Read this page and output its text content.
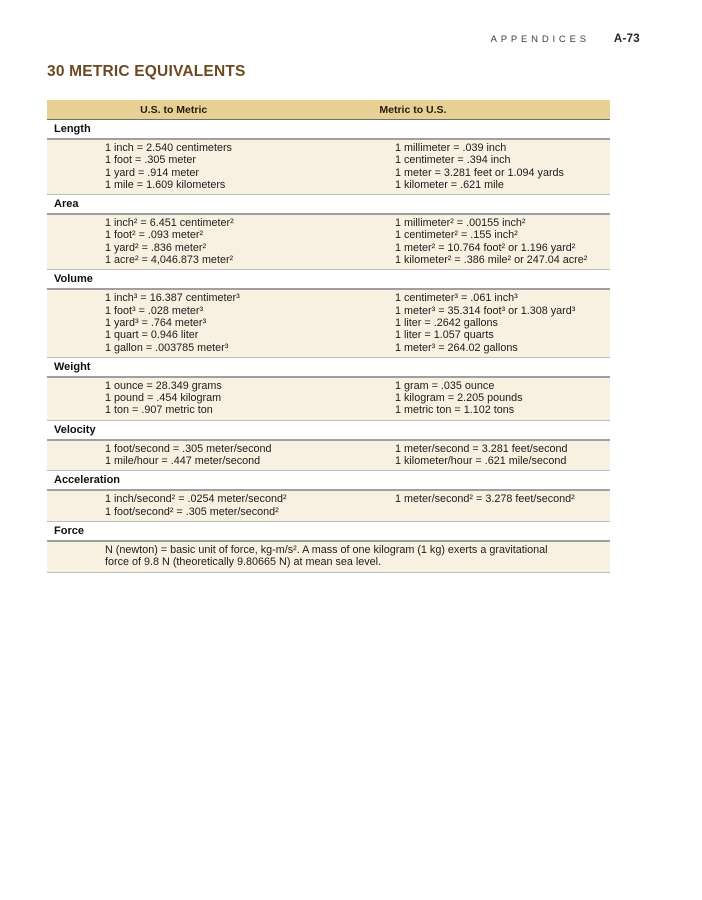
APPENDICES A-73
30 METRIC EQUIVALENTS
U.S. to Metric	Metric to U.S.
Length
1 inch = 2.540 centimeters
1 foot = .305 meter
1 yard = .914 meter
1 mile = 1.609 kilometers
1 millimeter = .039 inch
1 centimeter = .394 inch
1 meter = 3.281 feet or 1.094 yards
1 kilometer = .621 mile
Area
1 inch² = 6.451 centimeter²
1 foot² = .093 meter²
1 yard² = .836 meter²
1 acre² = 4,046.873 meter²
1 millimeter² = .00155 inch²
1 centimeter² = .155 inch²
1 meter² = 10.764 foot² or 1.196 yard²
1 kilometer² = .386 mile² or 247.04 acre²
Volume
1 inch³ = 16.387 centimeter³
1 foot³ = .028 meter³
1 yard³ = .764 meter³
1 quart = 0.946 liter
1 gallon = .003785 meter³
1 centimeter³ = .061 inch³
1 meter³ = 35.314 foot³ or 1.308 yard³
1 liter = .2642 gallons
1 liter = 1.057 quarts
1 meter³ = 264.02 gallons
Weight
1 ounce = 28.349 grams
1 pound = .454 kilogram
1 ton = .907 metric ton
1 gram = .035 ounce
1 kilogram = 2.205 pounds
1 metric ton = 1.102 tons
Velocity
1 foot/second = .305 meter/second
1 mile/hour = .447 meter/second
1 meter/second = 3.281 feet/second
1 kilometer/hour = .621 mile/second
Acceleration
1 inch/second² = .0254 meter/second²
1 foot/second² = .305 meter/second²
1 meter/second² = 3.278 feet/second²
Force
N (newton) = basic unit of force, kg-m/s². A mass of one kilogram (1 kg) exerts a gravitational
force of 9.8 N (theoretically 9.80665 N) at mean sea level.
